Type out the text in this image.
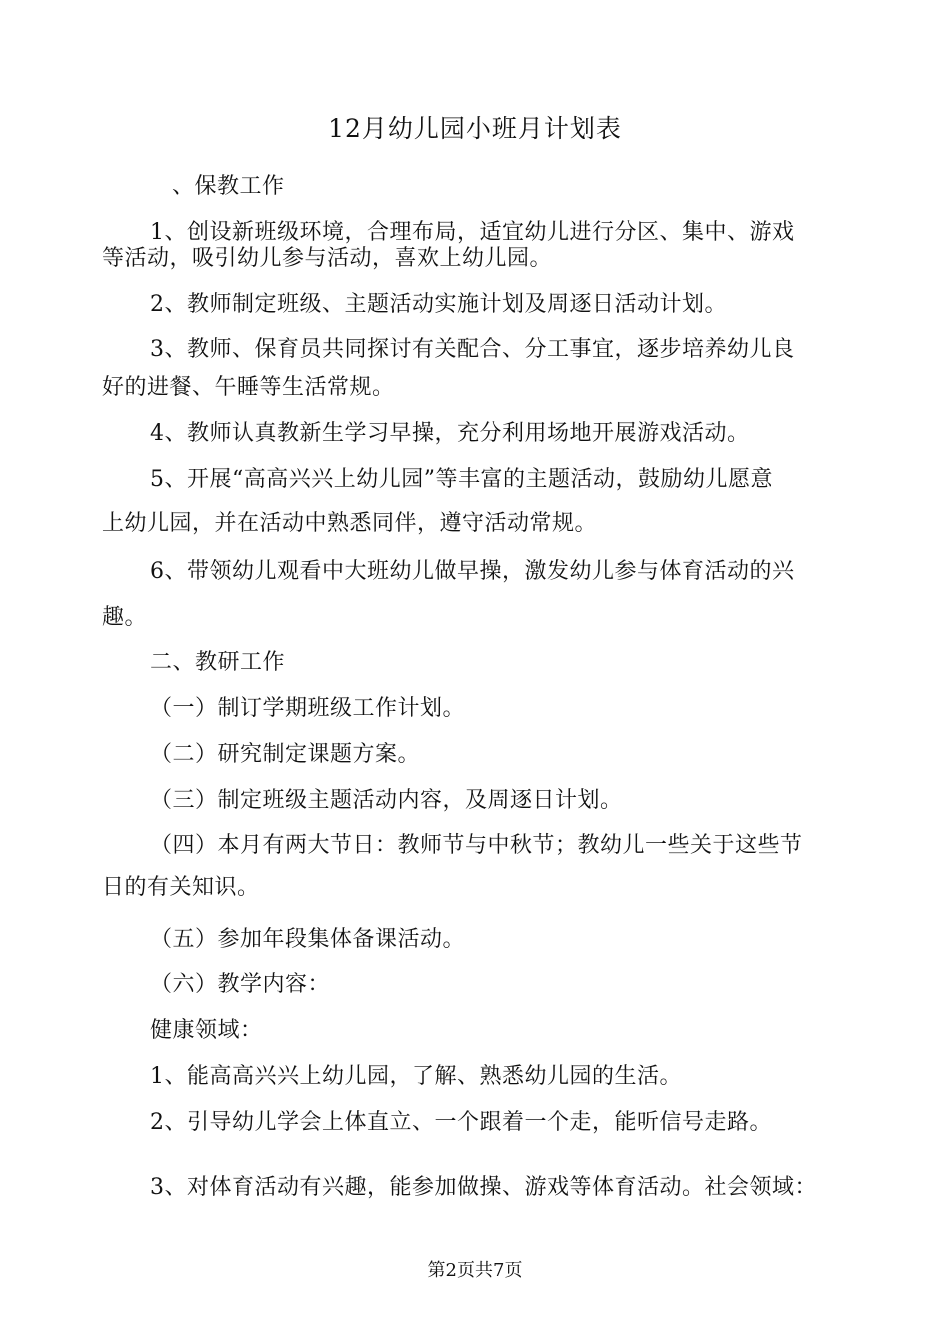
12月幼儿园小班月计划表
、保教工作
1、创设新班级环境，合理布局，适宜幼儿进行分区、集中、游戏
等活动，吸引幼儿参与活动，喜欢上幼儿园。
2、教师制定班级、主题活动实施计划及周逐日活动计划。
3、教师、保育员共同探讨有关配合、分工事宜，逐步培养幼儿良
好的进餐、午睡等生活常规。
4、教师认真教新生学习早操，充分利用场地开展游戏活动。
5、开展“高高兴兴上幼儿园”等丰富的主题活动，鼓励幼儿愿意
上幼儿园，并在活动中熟悉同伴，遵守活动常规。
6、带领幼儿观看中大班幼儿做早操，激发幼儿参与体育活动的兴
趣。
二、教研工作
（一）制订学期班级工作计划。
（二）研究制定课题方案。
（三）制定班级主题活动内容，及周逐日计划。
（四）本月有两大节日：教师节与中秋节；教幼儿一些关于这些节
日的有关知识。
（五）参加年段集体备课活动。
（六）教学内容：
健康领域：
1、能高高兴兴上幼儿园，了解、熟悉幼儿园的生活。
2、引导幼儿学会上体直立、一个跟着一个走，能听信号走路。
3、对体育活动有兴趣，能参加做操、游戏等体育活动。社会领域：
第2页共7页
